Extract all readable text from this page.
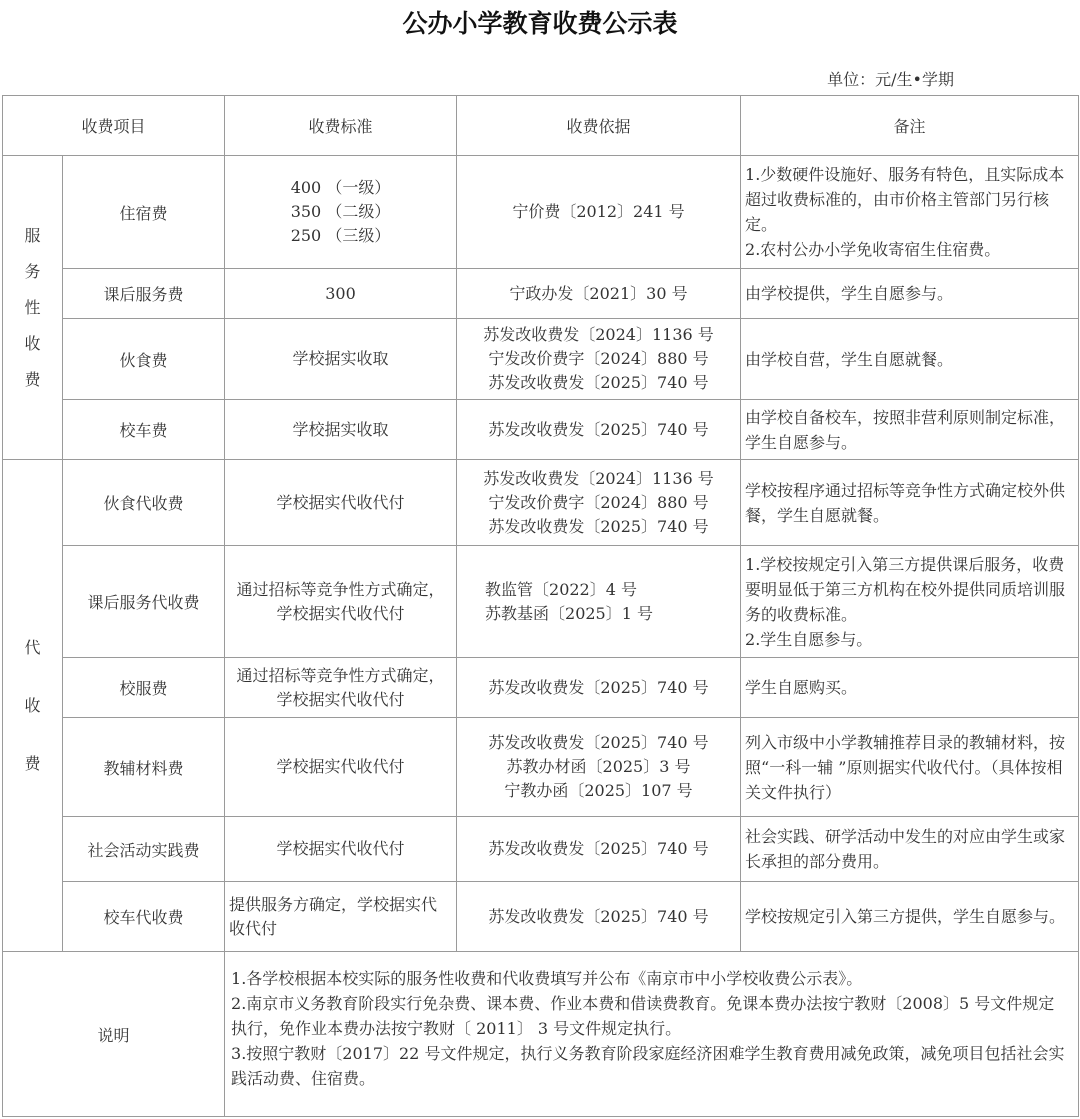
公办小学教育收费公示表
单位：元/生•学期
收费项目		收费标准	收费依据	备注

服
务
性
收
费	住宿费	400 （一级）
350 （二级）
250 （三级）	宁价费〔2012〕241 号	1.少数硬件设施好、服务有特色，且实际成本超过收费标准的，由市价格主管部门另行核定。
2.农村公办小学免收寄宿生住宿费。

	课后服务费	300	宁政办发〔2021〕30 号	由学校提供，学生自愿参与。

	伙食费	学校据实收取	苏发改收费发〔2024〕1136 号
宁发改价费字〔2024〕880 号
苏发改收费发〔2025〕740 号	由学校自营，学生自愿就餐。

	校车费	学校据实收取	苏发改收费发〔2025〕740 号	由学校自备校车，按照非营利原则制定标准，学生自愿参与。

代
收
费	伙食代收费	学校据实代收代付	苏发改收费发〔2024〕1136 号
宁发改价费字〔2024〕880 号
苏发改收费发〔2025〕740 号	学校按程序通过招标等竞争性方式确定校外供餐，学生自愿就餐。

	课后服务代收费	通过招标等竞争性方式确定，学校据实代收代付	教监管〔2022〕4 号
苏教基函〔2025〕1 号	1.学校按规定引入第三方提供课后服务，收费要明显低于第三方机构在校外提供同质培训服务的收费标准。
2.学生自愿参与。

	校服费	通过招标等竞争性方式确定，学校据实代收代付	苏发改收费发〔2025〕740 号	学生自愿购买。

	教辅材料费	学校据实代收代付	苏发改收费发〔2025〕740 号
苏教办材函〔2025〕3 号
宁教办函〔2025〕107 号	列入市级中小学教辅推荐目录的教辅材料，按照“一科一辅 ”原则据实代收代付。（具体按相关文件执行）

	社会活动实践费	学校据实代收代付	苏发改收费发〔2025〕740 号	社会实践、研学活动中发生的对应由学生或家长承担的部分费用。

	校车代收费	提供服务方确定，学校据实代收代付	苏发改收费发〔2025〕740 号	学校按规定引入第三方提供，学生自愿参与。

说明		1.各学校根据本校实际的服务性收费和代收费填写并公布《南京市中小学校收费公示表》。
2.南京市义务教育阶段实行免杂费、课本费、作业本费和借读费教育。免课本费办法按宁教财〔2008〕5 号文件规定执行，免作业本费办法按宁教财〔 2011〕 3 号文件规定执行。
3.按照宁教财〔2017〕22 号文件规定，执行义务教育阶段家庭经济困难学生教育费用减免政策，减免项目包括社会实践活动费、住宿费。		
